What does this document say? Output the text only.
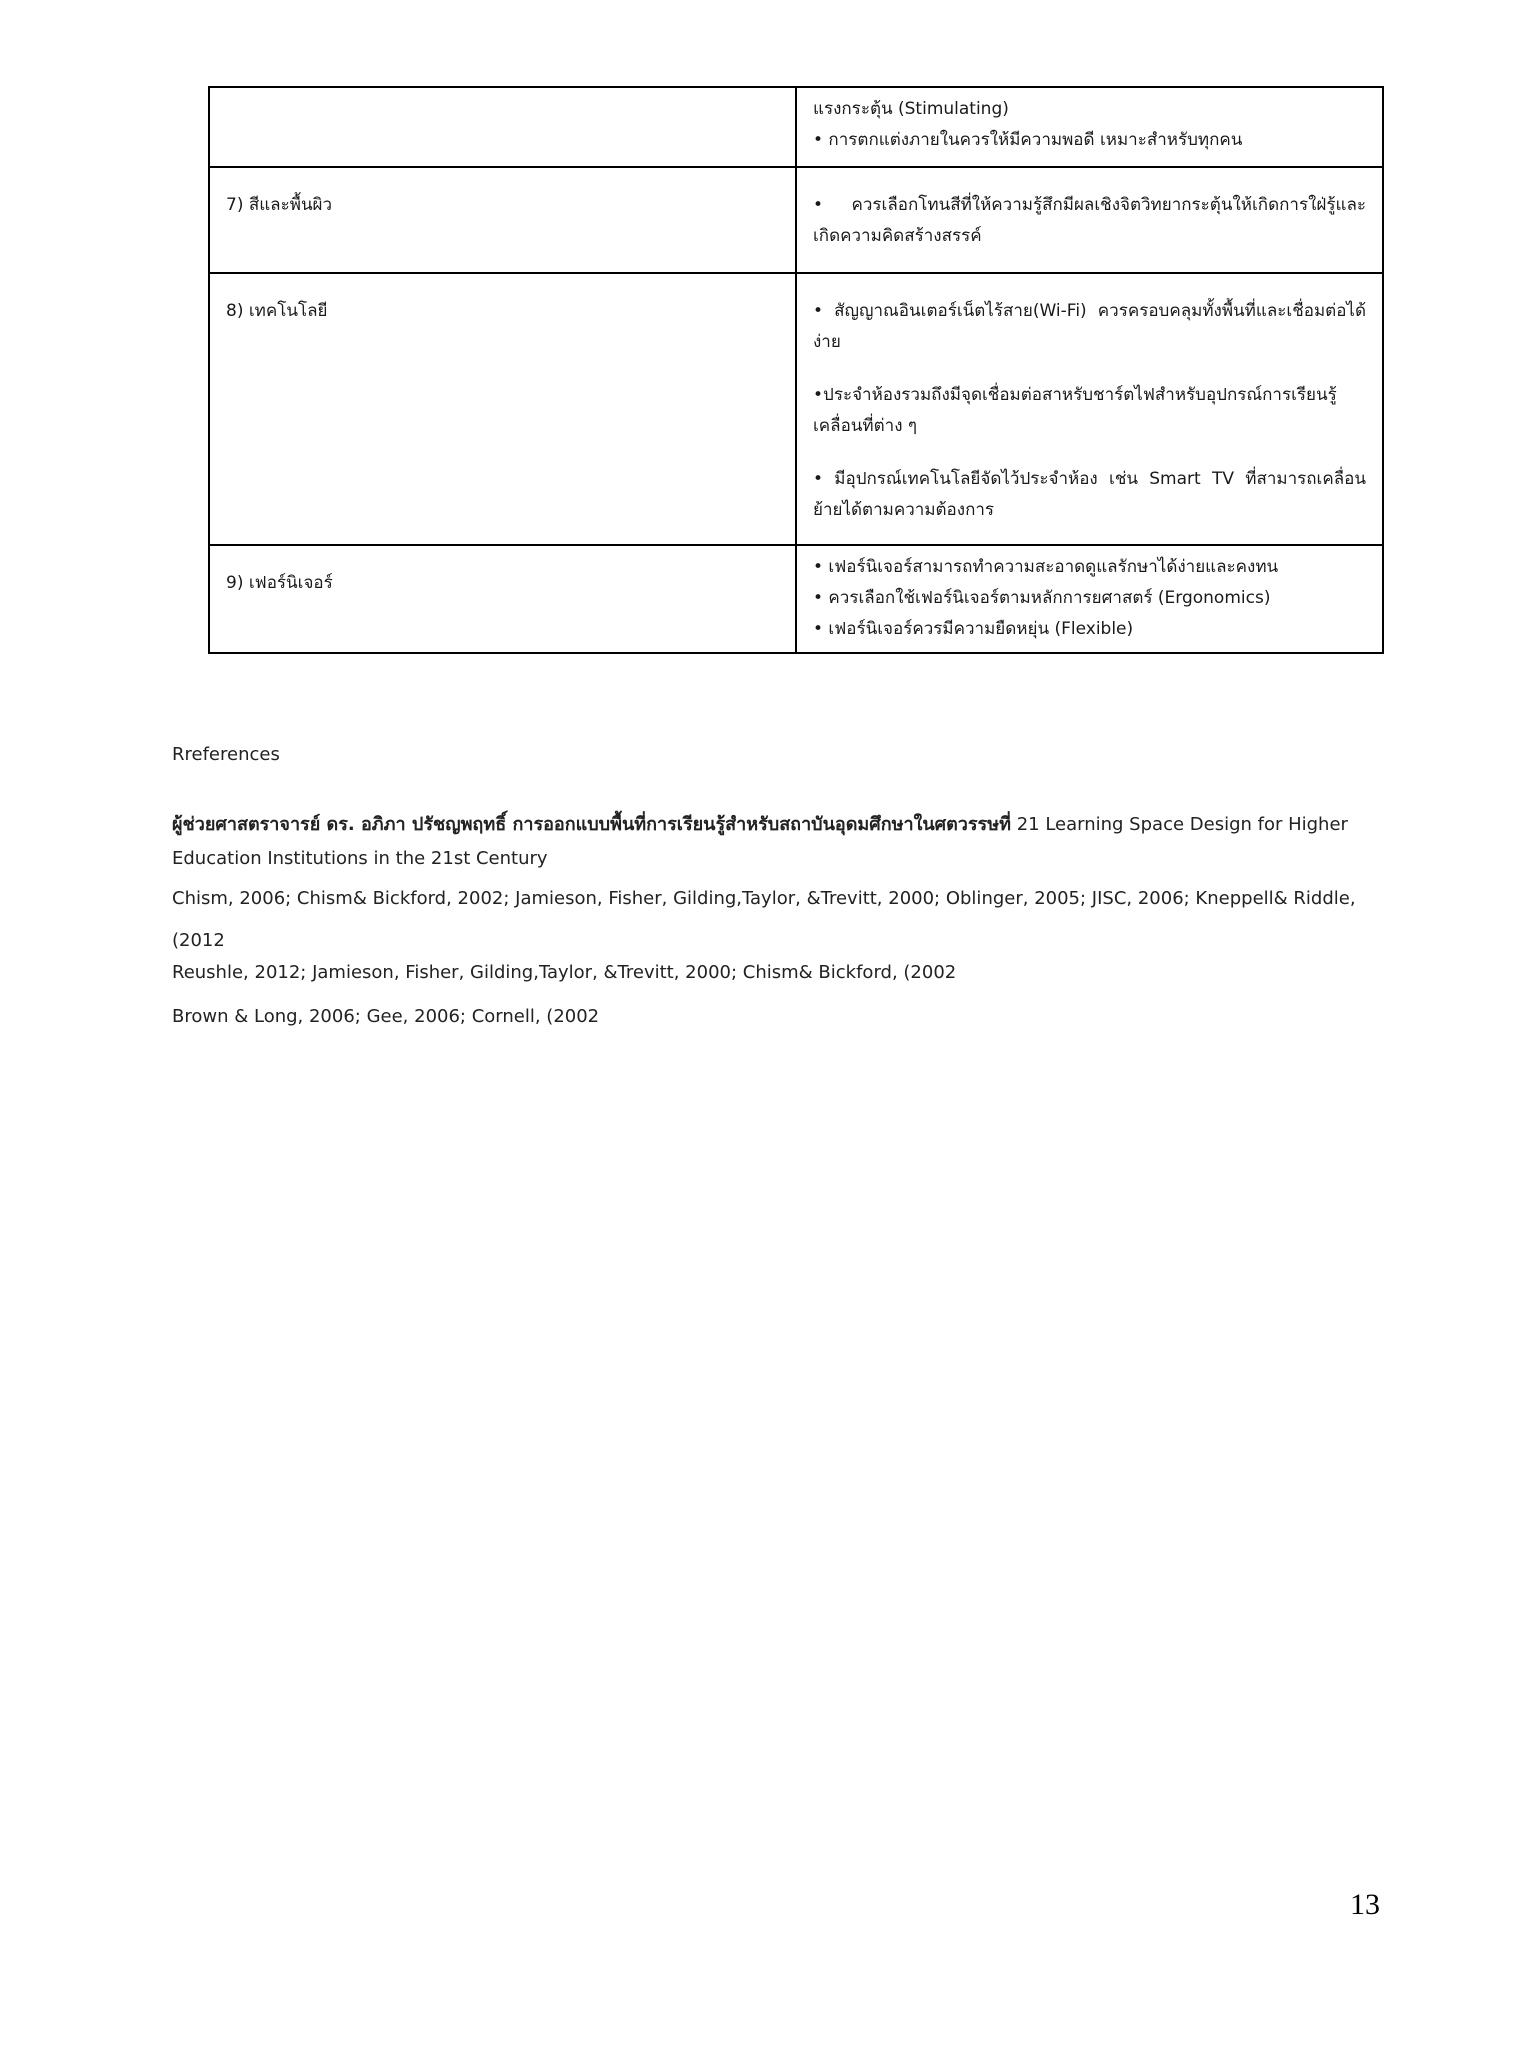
	แรงกระตุ้น (Stimulating)
• การตกแต่งภายในควรให้มีความพอดี เหมาะสำหรับทุกคน

7) สีและพื้นผิว	• ควรเลือกโทนสีที่ให้ความรู้สึกมีผลเชิงจิตวิทยากระตุ้นให้เกิดการใฝ่รู้และเกิดความคิดสร้างสรรค์

8) เทคโนโลยี	• สัญญาณอินเตอร์เน็ตไร้สาย(Wi-Fi) ควรครอบคลุมทั้งพื้นที่และเชื่อมต่อได้ง่าย
•ประจำห้องรวมถึงมีจุดเชื่อมต่อสาหรับชาร์ตไฟสำหรับอุปกรณ์การเรียนรู้เคลื่อนที่ต่าง ๆ
• มีอุปกรณ์เทคโนโลยีจัดไว้ประจำห้อง เช่น Smart TV ที่สามารถเคลื่อนย้ายได้ตามความต้องการ

9) เฟอร์นิเจอร์	• เฟอร์นิเจอร์สามารถทำความสะอาดดูแลรักษาได้ง่ายและคงทน
• ควรเลือกใช้เฟอร์นิเจอร์ตามหลักการยศาสตร์ (Ergonomics)
• เฟอร์นิเจอร์ควรมีความยืดหยุ่น (Flexible)
Rreferences
ผู้ช่วยศาสตราจารย์ ดร. อภิภา ปรัชญพฤทธิ์ การออกแบบพื้นที่การเรียนรู้สำหรับสถาบันอุดมศึกษาในศตวรรษที่ 21 Learning Space Design for Higher Education Institutions in the 21st Century
Chism, 2006; Chism& Bickford, 2002; Jamieson, Fisher, Gilding,Taylor, &Trevitt, 2000; Oblinger, 2005; JISC, 2006; Kneppell& Riddle, (2012
Reushle, 2012; Jamieson, Fisher, Gilding,Taylor, &Trevitt, 2000; Chism& Bickford, (2002
Brown & Long, 2006; Gee, 2006; Cornell, (2002
13
